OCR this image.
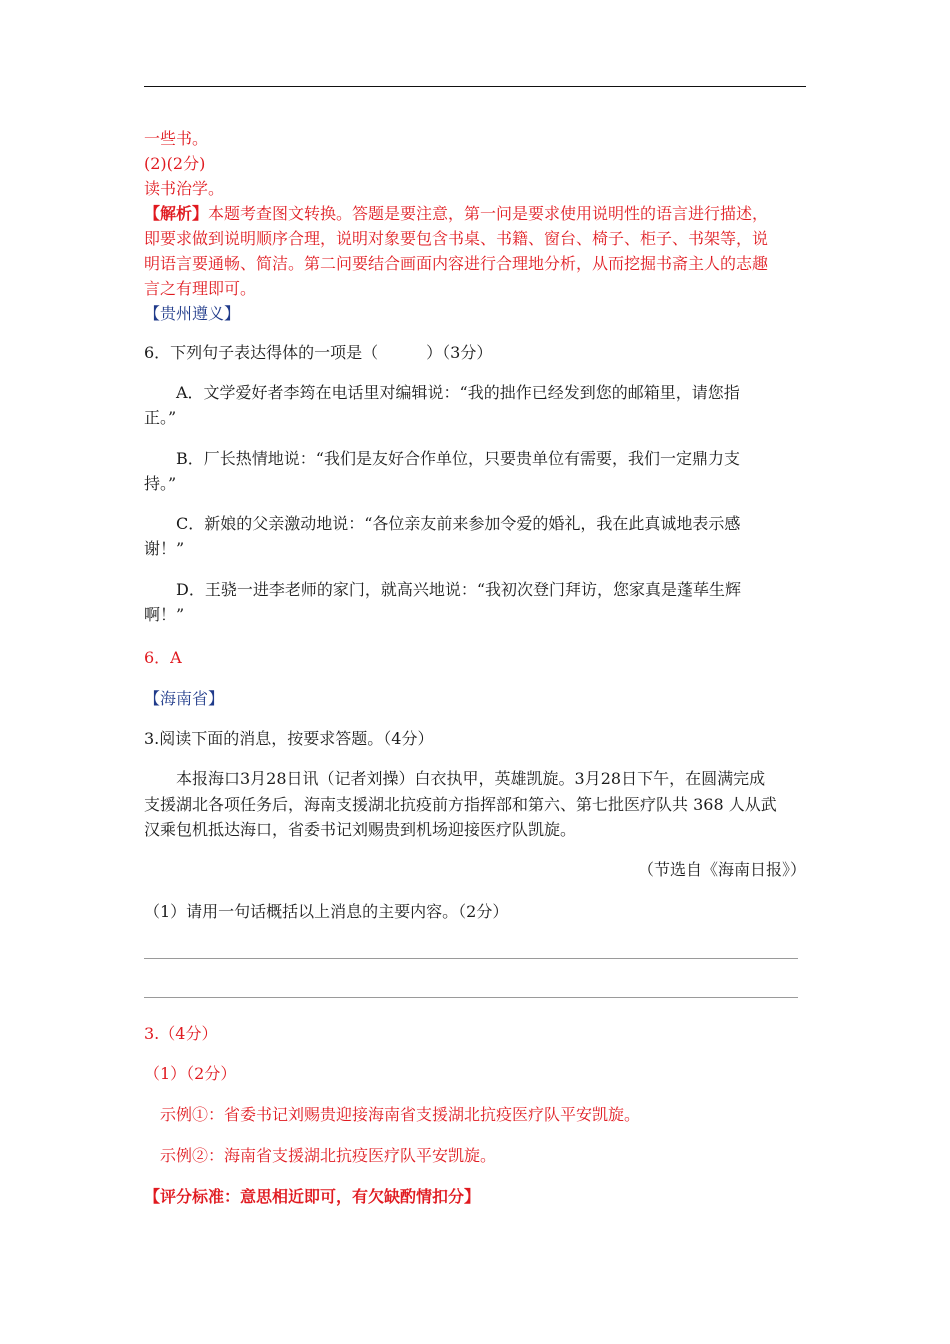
一些书。
(2)(2分)
读书治学。
【解析】本题考查图文转换。答题是要注意，第一问是要求使用说明性的语言进行描述，
即要求做到说明顺序合理，说明对象要包含书桌、书籍、窗台、椅子、柜子、书架等，说
明语言要通畅、简洁。第二问要结合画面内容进行合理地分析，从而挖掘书斋主人的志趣
言之有理即可。
【贵州遵义】
6．下列句子表达得体的一项是（　　　）（3分）
A．文学爱好者李筠在电话里对编辑说：“我的拙作已经发到您的邮箱里，请您指
正。”
B．厂长热情地说：“我们是友好合作单位，只要贵单位有需要，我们一定鼎力支
持。”
C．新娘的父亲激动地说：“各位亲友前来参加令爱的婚礼，我在此真诚地表示感
谢！”
D．王骁一进李老师的家门，就高兴地说：“我初次登门拜访，您家真是蓬荜生辉
啊！”
6．A
【海南省】
3.阅读下面的消息，按要求答题。（4分）
本报海口3月28日讯（记者刘操）白衣执甲，英雄凯旋。3月28日下午，在圆满完成
支援湖北各项任务后，海南支援湖北抗疫前方指挥部和第六、第七批医疗队共 368 人从武
汉乘包机抵达海口，省委书记刘赐贵到机场迎接医疗队凯旋。
（节选自《海南日报》）
（1）请用一句话概括以上消息的主要内容。（2分）
3.（4分）
（1）（2分）
示例①：省委书记刘赐贵迎接海南省支援湖北抗疫医疗队平安凯旋。
示例②：海南省支援湖北抗疫医疗队平安凯旋。
【评分标准：意思相近即可，有欠缺酌情扣分】
